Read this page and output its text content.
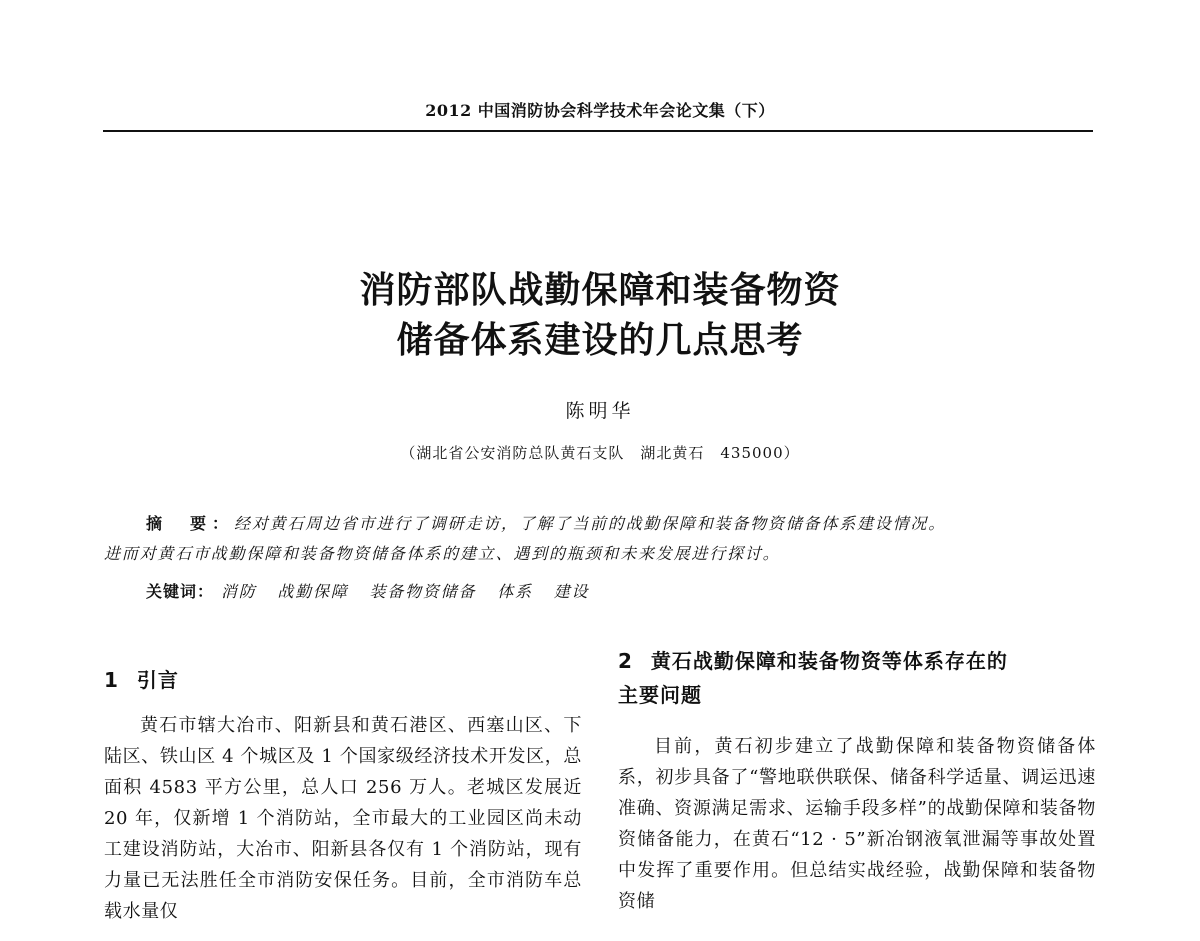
2012 中国消防协会科学技术年会论文集（下）
消防部队战勤保障和装备物资
储备体系建设的几点思考
陈明华
（湖北省公安消防总队黄石支队　湖北黄石　435000）
摘　要：经对黄石周边省市进行了调研走访，了解了当前的战勤保障和装备物资储备体系建设情况。
进而对黄石市战勤保障和装备物资储备体系的建立、遇到的瓶颈和未来发展进行探讨。
关键词： 消防 战勤保障 装备物资储备 体系 建设
1 引言

黄石市辖大冶市、阳新县和黄石港区、西塞山区、下陆区、铁山区 4 个城区及 1 个国家级经济技术开发区，总面积 4583 平方公里，总人口 256 万人。老城区发展近 20 年，仅新增 1 个消防站，全市最大的工业园区尚未动工建设消防站，大冶市、阳新县各仅有 1 个消防站，现有力量已无法胜任全市消防安保任务。目前，全市消防车总载水量仅

2 黄石战勤保障和装备物资等体系存在的
主要问题

目前，黄石初步建立了战勤保障和装备物资储备体系，初步具备了“警地联供联保、储备科学适量、调运迅速准确、资源满足需求、运输手段多样”的战勤保障和装备物资储备能力，在黄石“12 · 5”新冶钢液氧泄漏等事故处置中发挥了重要作用。但总结实战经验，战勤保障和装备物资储
